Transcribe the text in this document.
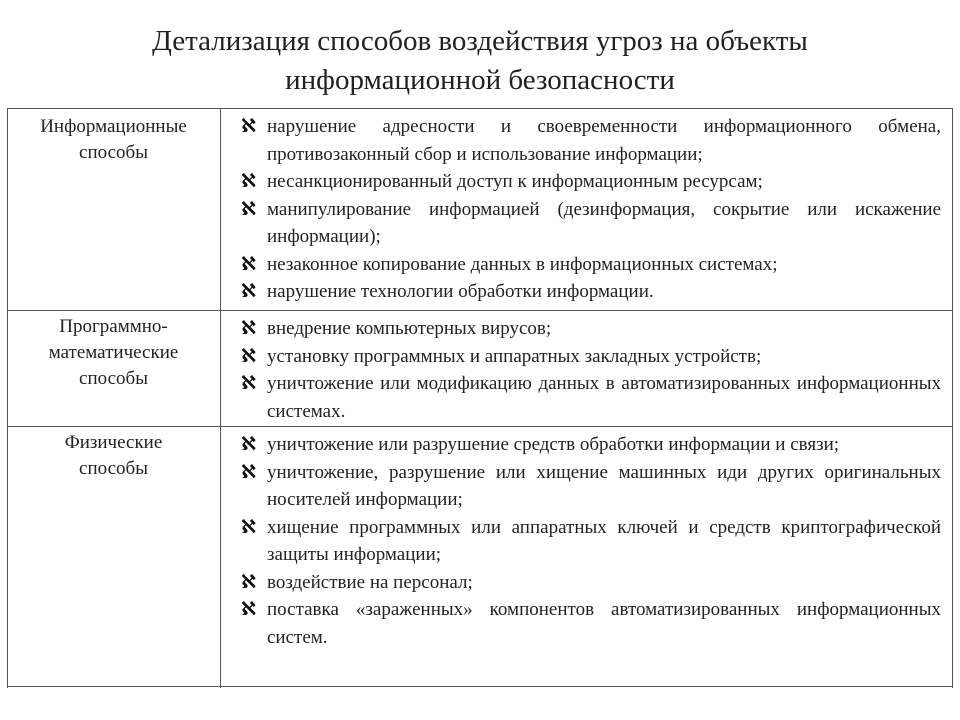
Детализация способов воздействия угроз на объекты
информационной безопасности
Информационные
способы
ℵ нарушение адресности и своевременности информационного обмена, противозаконный сбор и использование информации;
ℵ несанкционированный доступ к информационным ресурсам;
ℵ манипулирование информацией (дезинформация, сокрытие или искажение информации);
ℵ незаконное копирование данных в информационных системах;
ℵ нарушение технологии обработки информации.
Программно-
математические
способы
ℵ внедрение компьютерных вирусов;
ℵ установку программных и аппаратных закладных устройств;
ℵ уничтожение или модификацию данных в автоматизированных информационных системах.
Физические
способы
ℵ уничтожение или разрушение средств обработки информации и связи;
ℵ уничтожение, разрушение или хищение машинных иди других оригинальных носителей информации;
ℵ хищение программных или аппаратных ключей и средств криптографической защиты информации;
ℵ воздействие на персонал;
ℵ поставка «зараженных» компонентов автоматизированных информационных систем.
